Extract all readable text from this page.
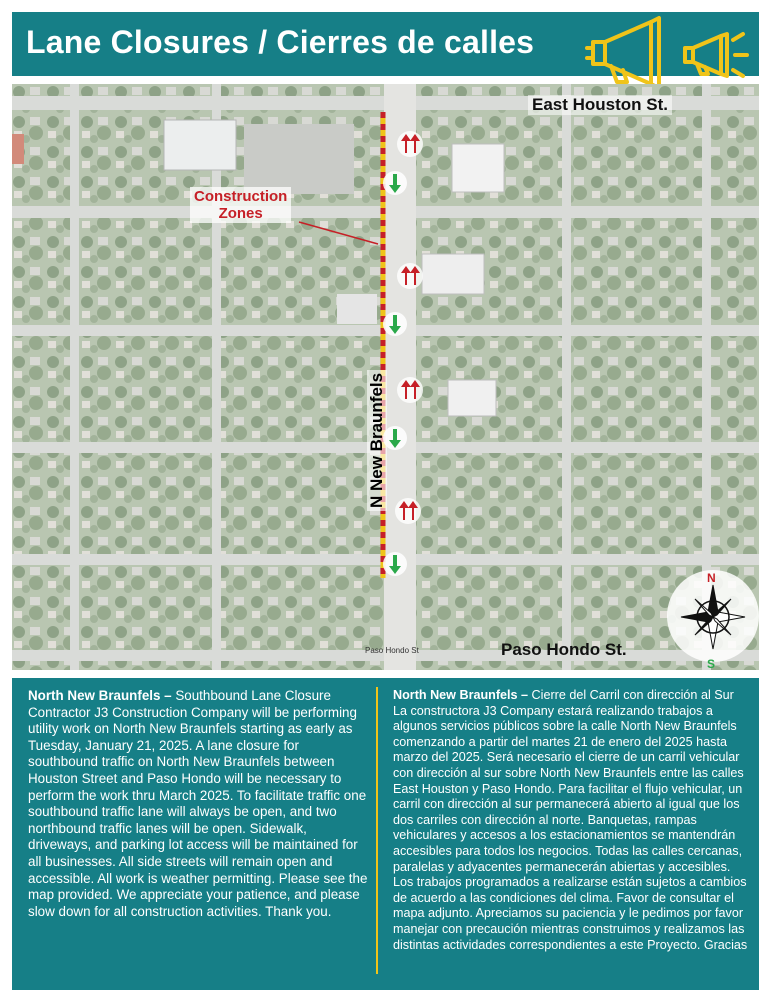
Lane Closures / Cierres de calles
East Houston St.
Paso Hondo St.
Paso Hondo St
N New Braunfels
Construction
Zones
N
S
North New Braunfels – Southbound Lane Closure Contractor J3 Construction Company will be performing utility work on North New Braunfels starting as early as Tuesday, January 21, 2025. A lane closure for southbound traffic on North New Braunfels between Houston Street and Paso Hondo will be necessary to perform the work thru March 2025. To facilitate traffic one southbound traffic lane will always be open, and two northbound traffic lanes will be open. Sidewalk, driveways, and parking lot access will be maintained for all businesses. All side streets will remain open and accessible. All work is weather permitting. Please see the map provided. We appreciate your patience, and please slow down for all construction activities. Thank you.
North New Braunfels – Cierre del Carril con dirección al Sur La constructora J3 Company estará realizando trabajos a algunos servicios públicos sobre la calle North New Braunfels comenzando a partir del martes 21 de enero del 2025 hasta marzo del 2025. Será necesario el cierre de un carril vehicular con dirección al sur sobre North New Braunfels entre las calles East Houston y Paso Hondo. Para facilitar el flujo vehicular, un carril con dirección al sur permanecerá abierto al igual que los dos carriles con dirección al norte. Banquetas, rampas vehiculares y accesos a los estacionamientos se mantendrán accesibles para todos los negocios. Todas las calles cercanas, paralelas y adyacentes permanecerán abiertas y accesibles. Los trabajos programados a realizarse están sujetos a cambios de acuerdo a las condiciones del clima. Favor de consultar el mapa adjunto. Apreciamos su paciencia y le pedimos por favor manejar con precaución mientras construimos y realizamos las distintas actividades correspondientes a este Proyecto. Gracias
